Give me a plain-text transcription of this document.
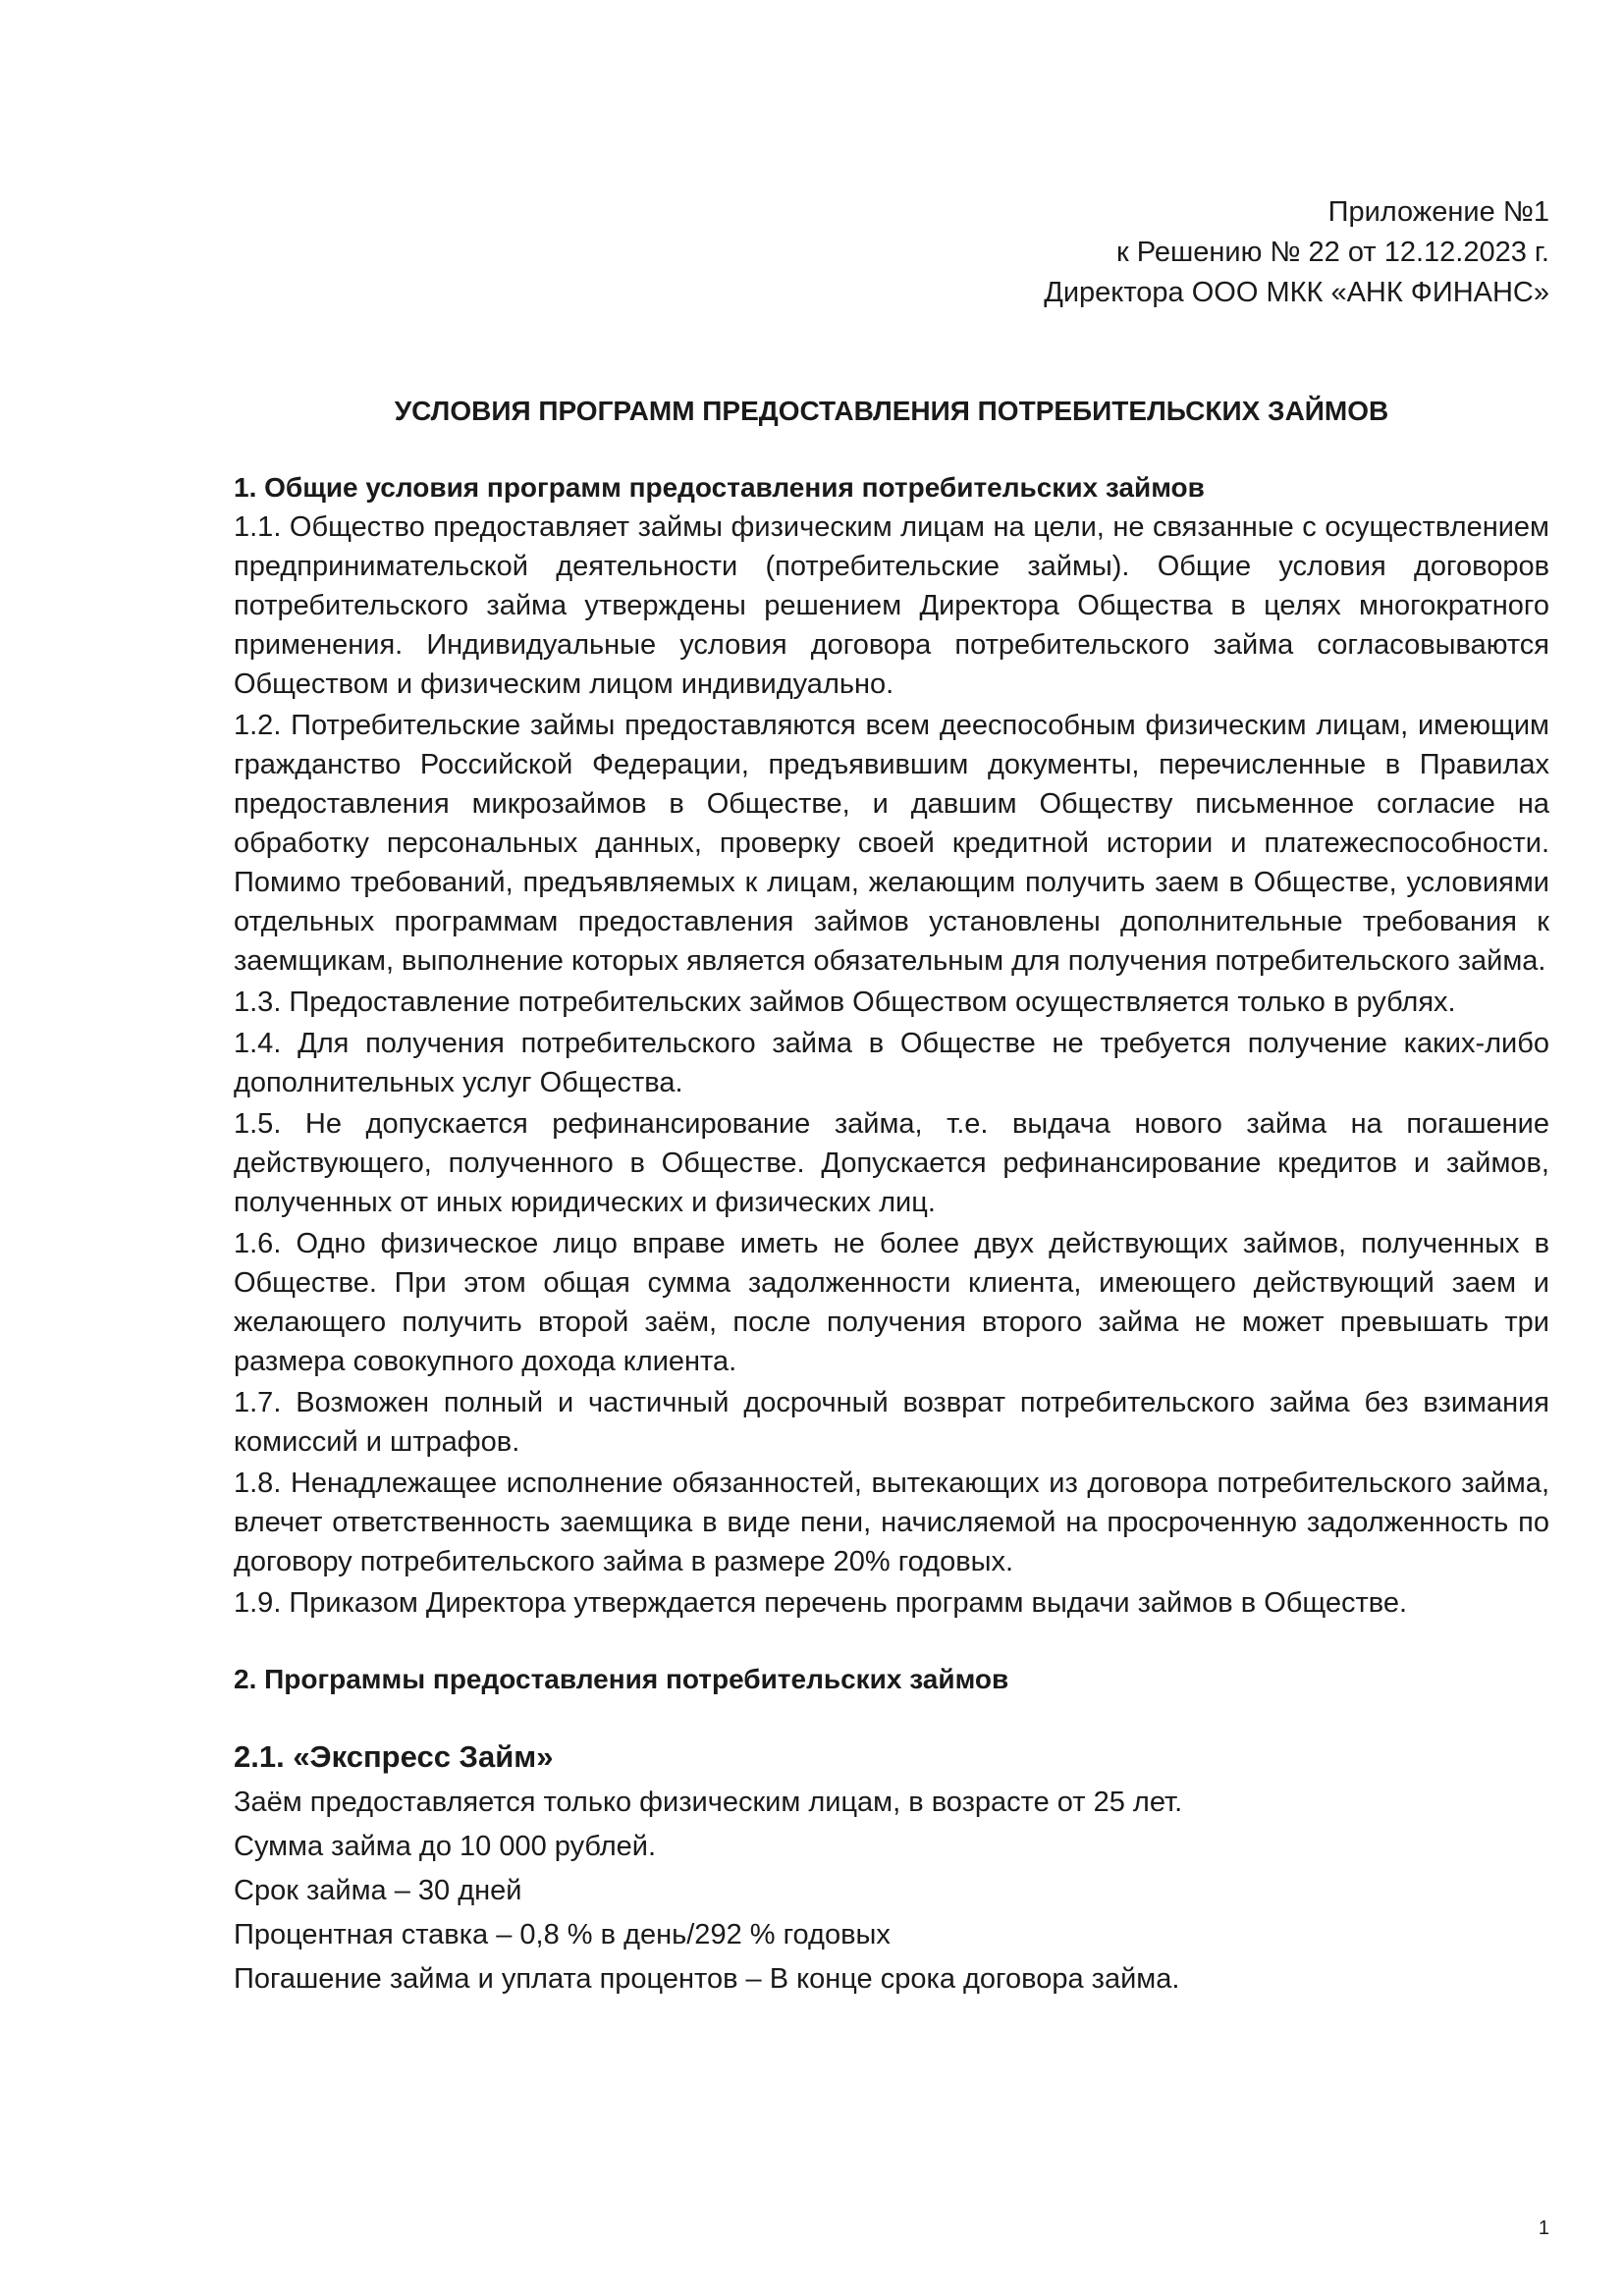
Приложение №1
к Решению № 22 от 12.12.2023 г.
Директора ООО МКК «АНК ФИНАНС»
УСЛОВИЯ ПРОГРАММ ПРЕДОСТАВЛЕНИЯ ПОТРЕБИТЕЛЬСКИХ ЗАЙМОВ
1. Общие условия программ предоставления потребительских займов

1.1. Общество предоставляет займы физическим лицам на цели, не связанные с осуществлением предпринимательской деятельности (потребительские займы). Общие условия договоров потребительского займа утверждены решением Директора Общества в целях многократного применения. Индивидуальные условия договора потребительского займа согласовываются Обществом и физическим лицом индивидуально.

1.2. Потребительские займы предоставляются всем дееспособным физическим лицам, имеющим гражданство Российской Федерации, предъявившим документы, перечисленные в Правилах предоставления микрозаймов в Обществе, и давшим Обществу письменное согласие на обработку персональных данных, проверку своей кредитной истории и платежеспособности. Помимо требований, предъявляемых к лицам, желающим получить заем в Обществе, условиями отдельных программам предоставления займов установлены дополнительные требования к заемщикам, выполнение которых является обязательным для получения потребительского займа.

1.3. Предоставление потребительских займов Обществом осуществляется только в рублях.

1.4. Для получения потребительского займа в Обществе не требуется получение каких-либо дополнительных услуг Общества.

1.5. Не допускается рефинансирование займа, т.е. выдача нового займа на погашение действующего, полученного в Обществе. Допускается рефинансирование кредитов и займов, полученных от иных юридических и физических лиц.

1.6. Одно физическое лицо вправе иметь не более двух действующих займов, полученных в Обществе. При этом общая сумма задолженности клиента, имеющего действующий заем и желающего получить второй заём, после получения второго займа не может превышать три размера совокупного дохода клиента.

1.7. Возможен полный и частичный досрочный возврат потребительского займа без взимания комиссий и штрафов.

1.8. Ненадлежащее исполнение обязанностей, вытекающих из договора потребительского займа, влечет ответственность заемщика в виде пени, начисляемой на просроченную задолженность по договору потребительского займа в размере 20% годовых.

1.9. Приказом Директора утверждается перечень программ выдачи займов в Обществе.

2. Программы предоставления потребительских займов
2.1. «Экспресс Займ»
Заём предоставляется только физическим лицам, в возрасте от 25 лет.
Сумма займа до 10 000 рублей.
Срок займа – 30 дней
Процентная ставка – 0,8 % в день/292 % годовых
Погашение займа и уплата процентов – В конце срока договора займа.
1
